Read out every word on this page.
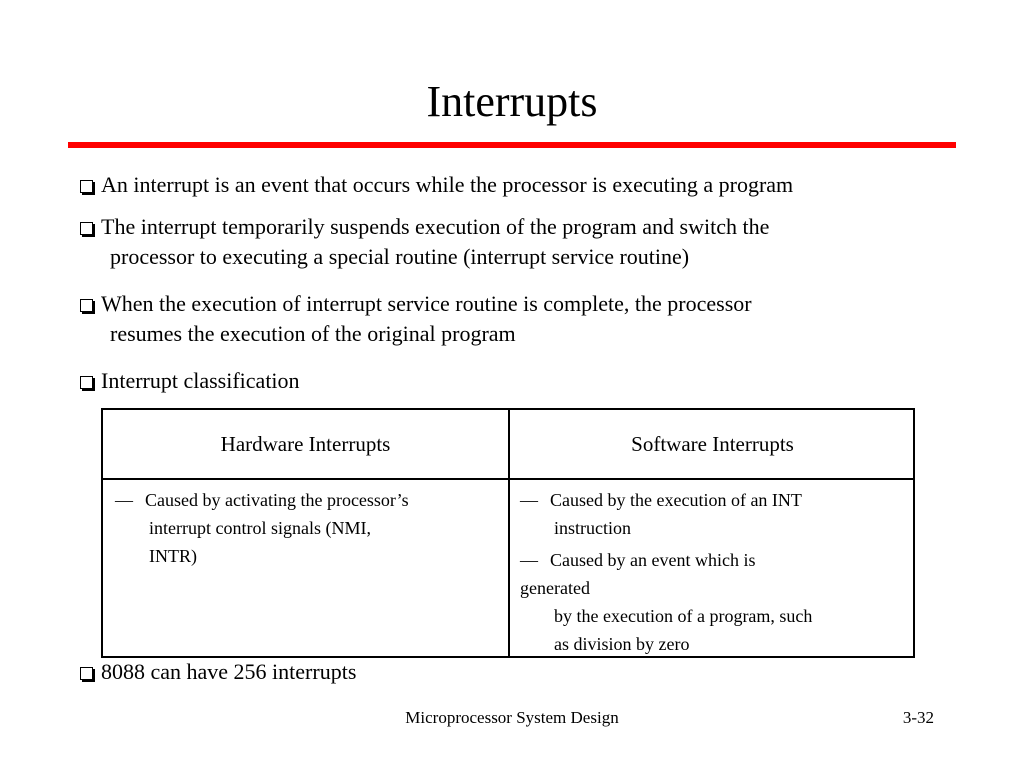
Interrupts
An interrupt is an event that occurs while the processor is executing a program
The interrupt temporarily suspends execution of the program and switch the
processor to executing a special routine (interrupt service routine)
When the execution of interrupt service routine is complete, the processor
resumes the execution of the original program
Interrupt classification
Hardware Interrupts	Software Interrupts
— Caused by activating the processor’s
interrupt control signals (NMI,
INTR)
— Caused by the execution of an INT
instruction
— Caused by an event which is
generated
by the execution of a program, such
as division by zero
8088 can have 256 interrupts
Microprocessor System Design	3-32
